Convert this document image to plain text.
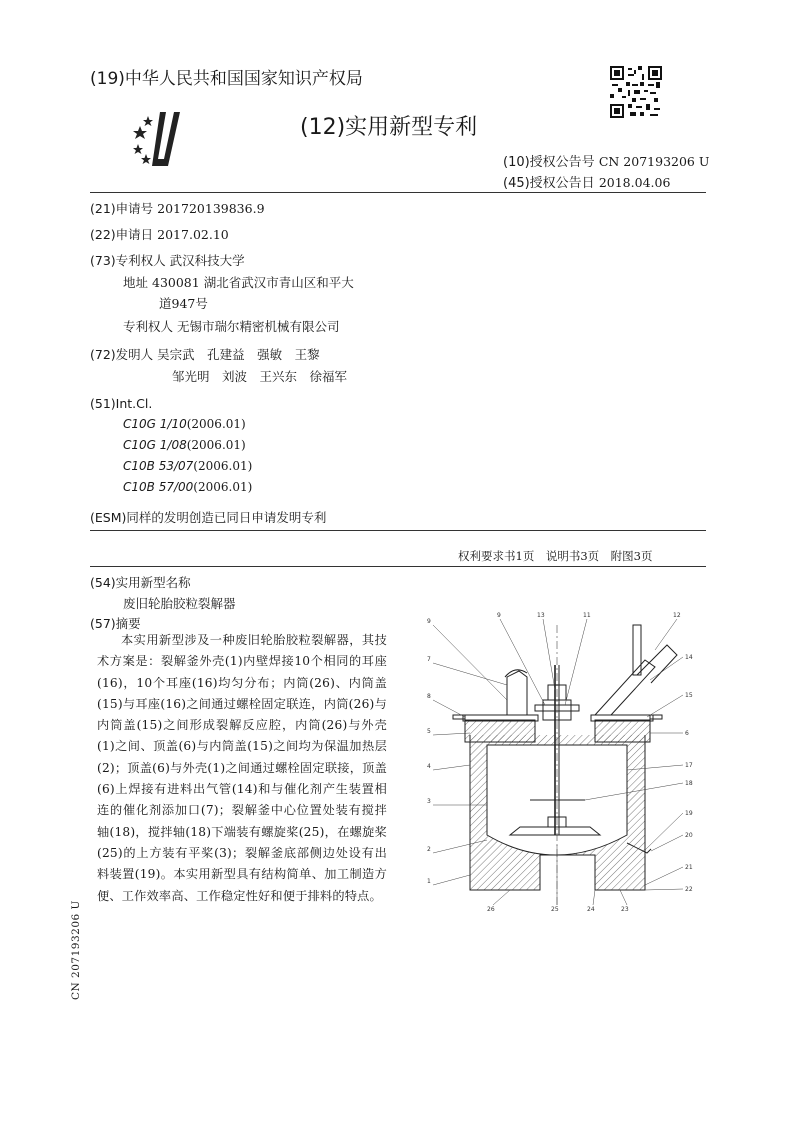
(19)中华人民共和国国家知识产权局
(12)实用新型专利
(10)授权公告号 CN 207193206 U
(45)授权公告日 2018.04.06
(21)申请号 201720139836.9
(22)申请日 2017.02.10
(73)专利权人 武汉科技大学
地址 430081 湖北省武汉市青山区和平大
道947号
专利权人 无锡市瑞尔精密机械有限公司
(72)发明人 吴宗武　孔建益　强敏　王黎
邹光明　刘波　王兴东　徐福军
(51)Int.Cl.
C10G 1/10(2006.01)
C10G 1/08(2006.01)
C10B 53/07(2006.01)
C10B 57/00(2006.01)
(ESM)同样的发明创造已同日申请发明专利
权利要求书1页　说明书3页　附图3页
(54)实用新型名称
废旧轮胎胶粒裂解器
(57)摘要
本实用新型涉及一种废旧轮胎胶粒裂解器，其技术方案是：裂解釜外壳(1)内壁焊接10个相同的耳座(16)，10个耳座(16)均匀分布；内筒(26)、内筒盖(15)与耳座(16)之间通过螺栓固定联连，内筒(26)与内筒盖(15)之间形成裂解反应腔，内筒(26)与外壳(1)之间、顶盖(6)与内筒盖(15)之间均为保温加热层(2)；顶盖(6)与外壳(1)之间通过螺栓固定联接，顶盖(6)上焊接有进料出气管(14)和与催化剂产生装置相连的催化剂添加口(7)；裂解釜中心位置处装有搅拌轴(18)，搅拌轴(18)下端装有螺旋桨(25)，在螺旋桨(25)的上方装有平桨(3)；裂解釜底部侧边处设有出料装置(19)。本实用新型具有结构简单、加工制造方便、工作效率高、工作稳定性好和便于排料的特点。
CN 207193206 U
9
7
8
5
4
3
2
1
9	13	11	12
14
15
6
17
18
19
20
21
22
26	25	24	23
